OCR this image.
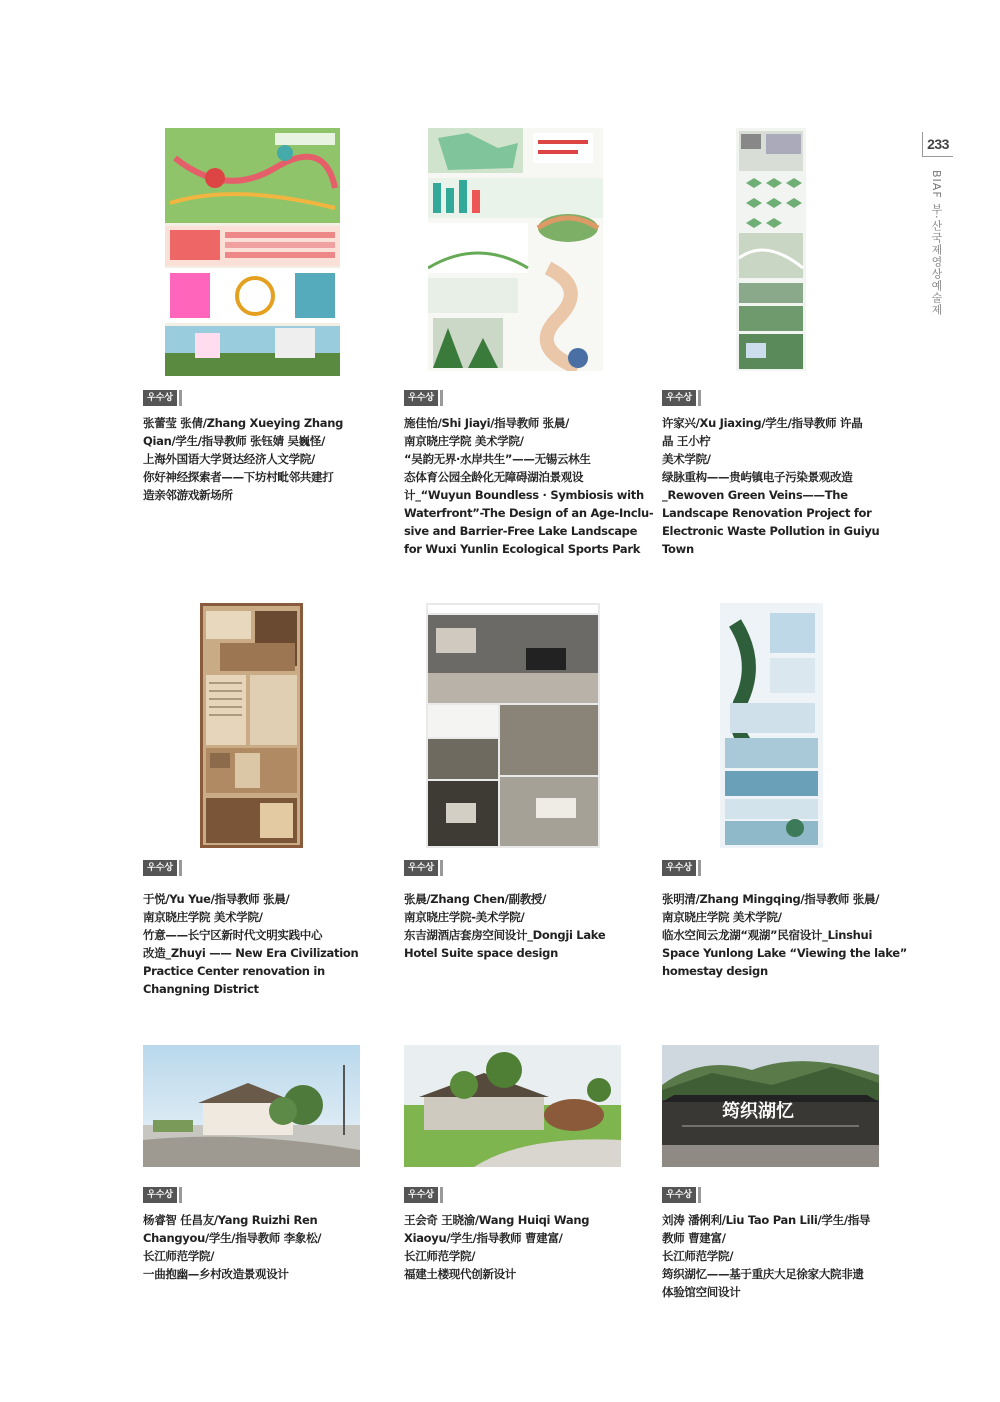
233
BIAF 부·산국제영상예술제
우수상
张蕾莹 张倩/Zhang Xueying Zhang
Qian/学生/指导教师 张钰婧 吴巍怪/
上海外国语大学贤达经济人文学院/
你好神经探索者——下坊村毗邻共建打
造亲邻游戏新场所
우수상
施佳怡/Shi Jiayi/指导教师 张晨/
南京晓庄学院 美术学院/
“吴韵无界·水岸共生”——无锡云林生
态体育公园全龄化无障碍湖泊景观设
计_“Wuyun Boundless · Symbiosis with
Waterfront”-The Design of an Age-Inclu-
sive and Barrier-Free Lake Landscape
for Wuxi Yunlin Ecological Sports Park
우수상
许家兴/Xu Jiaxing/学生/指导教师 许晶
晶 王小柠
美术学院/
绿脉重构——贵屿镇电子污染景观改造
_Rewoven Green Veins——The
Landscape Renovation Project for
Electronic Waste Pollution in Guiyu
Town
우수상
于悦/Yu Yue/指导教师 张晨/
南京晓庄学院 美术学院/
竹意——长宁区新时代文明实践中心
改造_Zhuyi —— New Era Civilization
Practice Center renovation in
Changning District
우수상
张晨/Zhang Chen/副教授/
南京晓庄学院-美术学院/
东吉湖酒店套房空间设计_Dongji Lake
Hotel Suite space design
우수상
张明清/Zhang Mingqing/指导教师 张晨/
南京晓庄学院 美术学院/
临水空间云龙湖“观湖”民宿设计_Linshui
Space Yunlong Lake “Viewing the lake”
homestay design
筠织湖忆
우수상
杨睿智 任昌友/Yang Ruizhi Ren
Changyou/学生/指导教师 李象松/
长江师范学院/
一曲抱幽—乡村改造景观设计
우수상
王会奇 王晓渝/Wang Huiqi Wang
Xiaoyu/学生/指导教师 曹建富/
长江师范学院/
福建土楼现代创新设计
우수상
刘涛 潘俐利/Liu Tao Pan Lili/学生/指导
教师 曹建富/
长江师范学院/
筠织湖忆——基于重庆大足徐家大院非遗
体验馆空间设计
